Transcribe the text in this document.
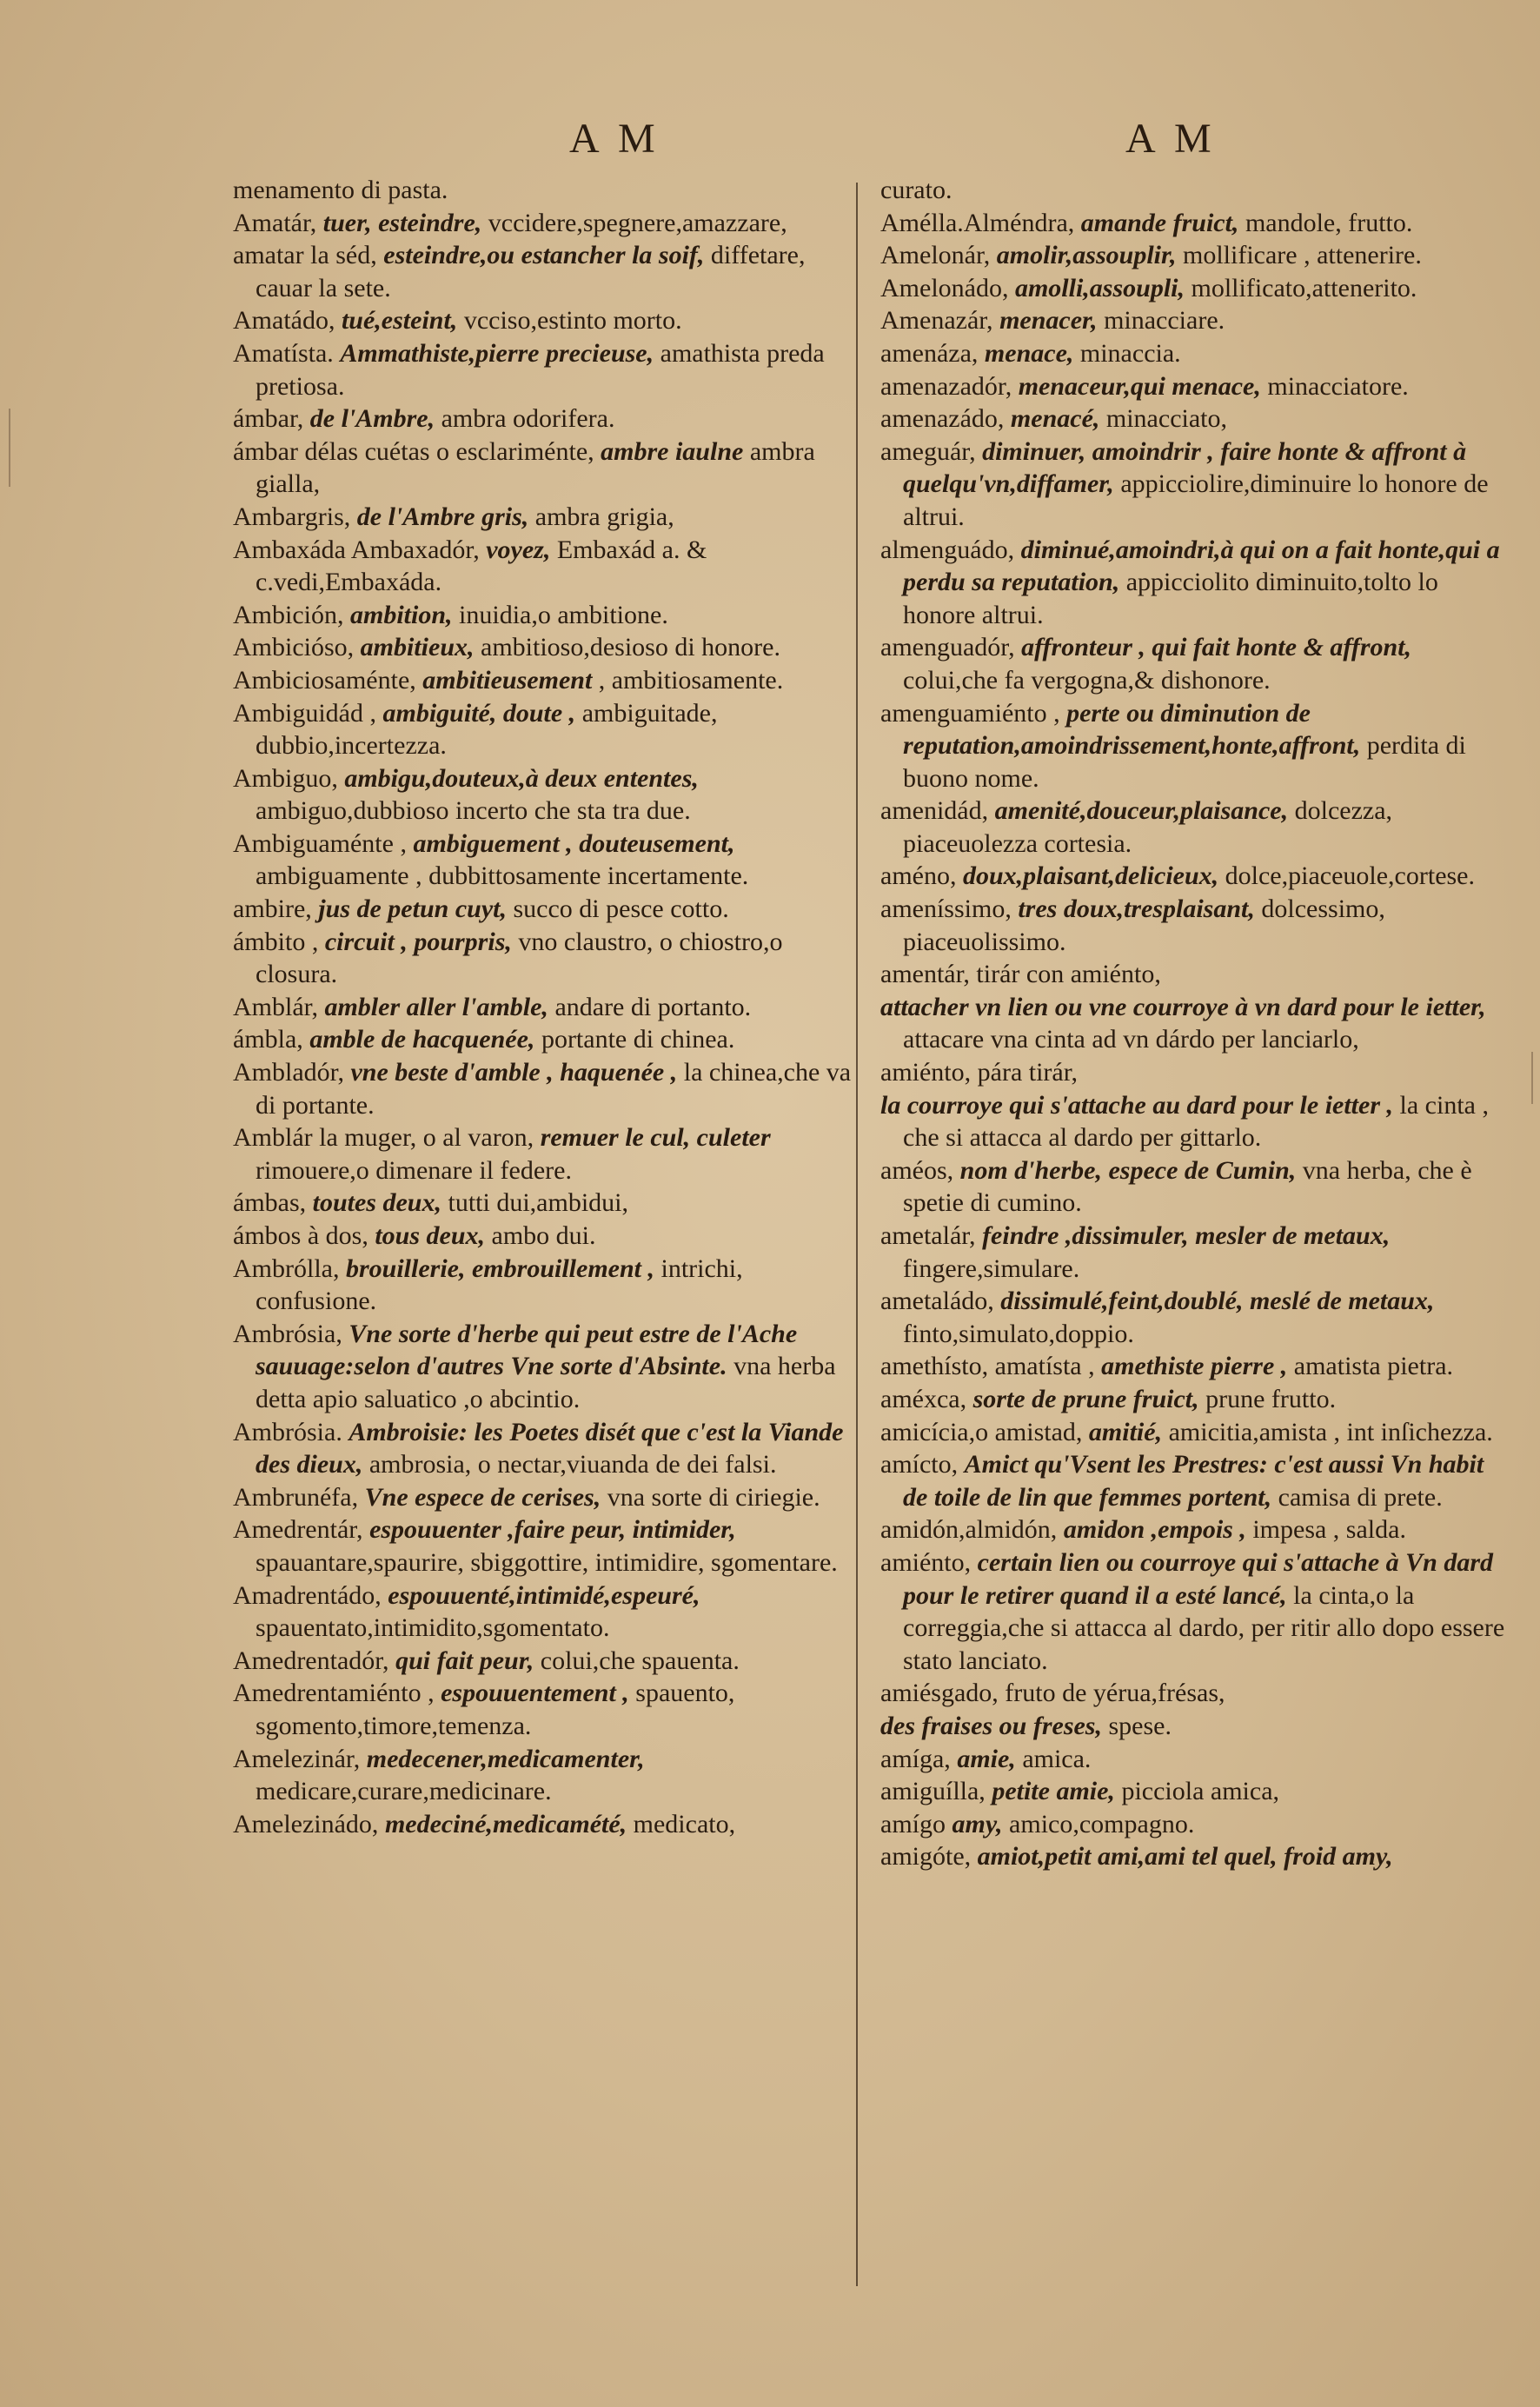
A M	A M

menamento di pasta.

Amatár, tuer, esteindre, vccidere,spegnere,amazzare,

amatar la séd, esteindre,ou estancher la soif, diffetare, cauar la sete.

Amatádo, tué,esteint, vcciso,estinto morto.

Amatísta. Ammathiste,pierre precieuse, amathista preda pretiosa.

ámbar, de l'Ambre, ambra odorifera.

ámbar délas cuétas o esclariménte, ambre iaulne ambra gialla,

Ambargris, de l'Ambre gris, ambra grigia,

Ambaxáda Ambaxadór, voyez, Embaxád a. & c.vedi,Embaxáda.

Ambición, ambition, inuidia,o ambitione.

Ambicióso, ambitieux, ambitioso,desioso di honore.

Ambiciosaménte, ambitieusement , ambitiosamente.

Ambiguidád , ambiguité, doute , ambiguitade, dubbio,incertezza.

Ambiguo, ambigu,douteux,à deux ententes, ambiguo,dubbioso incerto che sta tra due.

Ambiguaménte , ambiguement , douteusement, ambiguamente , dubbittosamente incertamente.

ambire, jus de petun cuyt, succo di pesce cotto.

ámbito , circuit , pourpris, vno claustro, o chiostro,o closura.

Amblár, ambler aller l'amble, andare di portanto.

ámbla, amble de hacquenée, portante di chinea.

Ambladór, vne beste d'amble , haquenée , la chinea,che va di portante.

Amblár la muger, o al varon, remuer le cul, culeter rimouere,o dimenare il federe.

ámbas, toutes deux, tutti dui,ambidui,

ámbos à dos, tous deux, ambo dui.

Ambrólla, brouillerie, embrouillement , intrichi, confusione.

Ambrósia, Vne sorte d'herbe qui peut estre de l'Ache sauuage:selon d'autres Vne sorte d'Absinte. vna herba detta apio saluatico ,o abcintio.

Ambrósia. Ambroisie: les Poetes disét que c'est la Viande des dieux, ambrosia, o nectar,viuanda de dei falsi.

Ambrunéfa, Vne espece de cerises, vna sorte di ciriegie.

Amedrentár, espouuenter ,faire peur, intimider, spauantare,spaurire, sbiggottire, intimidire, sgomentare.

Amadrentádo, espouuenté,intimidé,espeuré, spauentato,intimidito,sgomentato.

Amedrentadór, qui fait peur, colui,che spauenta.

Amedrentamiénto , espouuentement , spauento, sgomento,timore,temenza.

Amelezinár, medecener,medicamenter, medicare,curare,medicinare.

Amelezinádo, medeciné,medicamété, medicato,

curato.

Amélla.Alméndra, amande fruict, mandole, frutto.

Amelonár, amolir,assouplir, mollificare , attenerire.

Amelonádo, amolli,assoupli, mollificato,attenerito.

Amenazár, menacer, minacciare.

amenáza, menace, minaccia.

amenazadór, menaceur,qui menace, minacciatore.

amenazádo, menacé, minacciato,

ameguár, diminuer, amoindrir , faire honte & affront à quelqu'vn,diffamer, appicciolire,diminuire lo honore de altrui.

almenguádo, diminué,amoindri,à qui on a fait honte,qui a perdu sa reputation, appicciolito diminuito,tolto lo honore altrui.

amenguadór, affronteur , qui fait honte & affront, colui,che fa vergogna,& dishonore.

amenguamiénto , perte ou diminution de reputation,amoindrissement,honte,affront, perdita di buono nome.

amenidád, amenité,douceur,plaisance, dolcezza, piaceuolezza cortesia.

améno, doux,plaisant,delicieux, dolce,piaceuole,cortese.

ameníssimo, tres doux,tresplaisant, dolcessimo, piaceuolissimo.

amentár, tirár con amiénto,

attacher vn lien ou vne courroye à vn dard pour le ietter, attacare vna cinta ad vn dárdo per lanciarlo,

amiénto, pára tirár,

la courroye qui s'attache au dard pour le ietter , la cinta , che si attacca al dardo per gittarlo.

améos, nom d'herbe, espece de Cumin, vna herba, che è spetie di cumino.

ametalár, feindre ,dissimuler, mesler de metaux, fingere,simulare.

ametaládo, dissimulé,feint,doublé, meslé de metaux, finto,simulato,doppio.

amethísto, amatísta , amethiste pierre , amatista pietra.

améxca, sorte de prune fruict, prune frutto.

amicícia,o amistad, amitié, amicitia,amista , int inſichezza.

amícto, Amict qu'Vsent les Prestres: c'est aussi Vn habit de toile de lin que femmes portent, camisa di prete.

amidón,almidón, amidon ,empois , impesa , salda.

amiénto, certain lien ou courroye qui s'attache à Vn dard pour le retirer quand il a esté lancé, la cinta,o la correggia,che si attacca al dardo, per ritir allo dopo essere stato lanciato.

amiésgado, fruto de yérua,frésas,

des fraises ou freses, spese.

amíga, amie, amica.

amiguílla, petite amie, picciola amica,

amígo amy, amico,compagno.

amigóte, amiot,petit ami,ami tel quel, froid amy,
